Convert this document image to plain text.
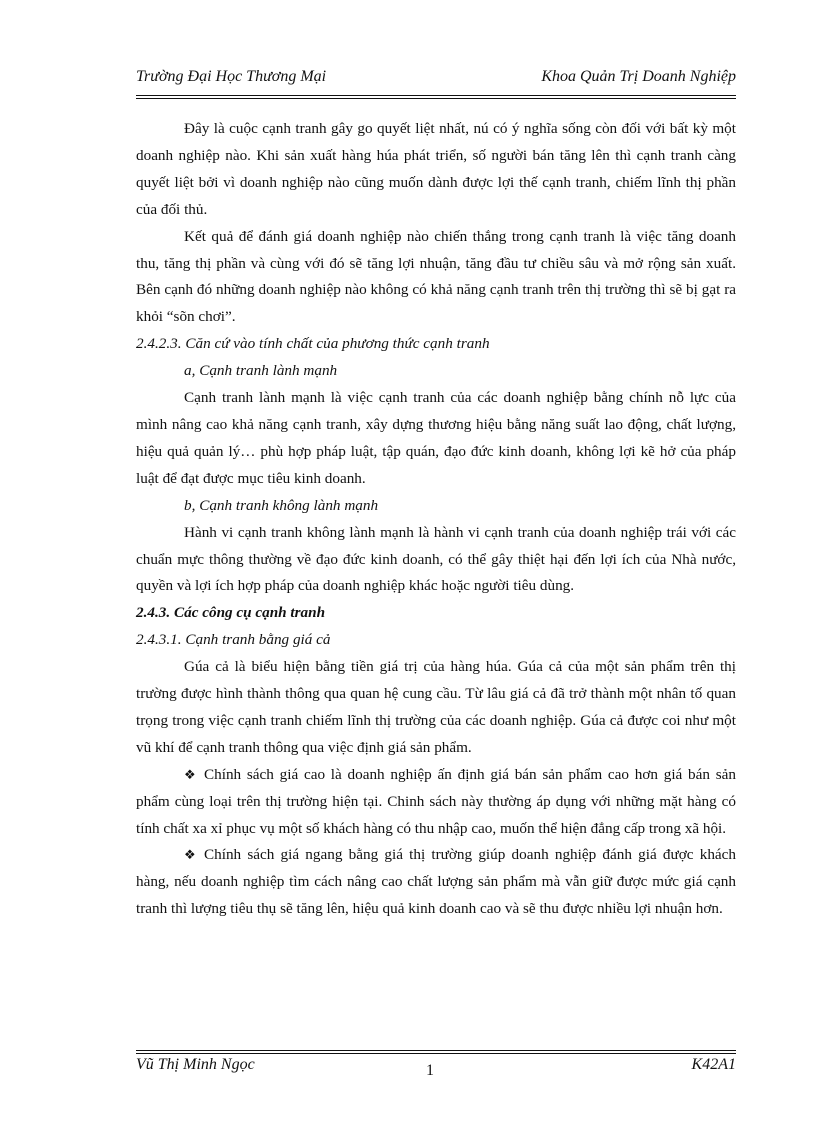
Trường Đại Học Thương Mại	Khoa Quản Trị Doanh Nghiệp

Đây là cuộc cạnh tranh gây go quyết liệt nhất, nú có ý nghĩa sống còn đối với bất kỳ một doanh nghiệp nào. Khi sản xuất hàng húa phát triển, số người bán tăng lên thì cạnh tranh càng quyết liệt bởi vì doanh nghiệp nào cũng muốn dành được lợi thế cạnh tranh, chiếm lĩnh thị phần của đối thủ.

Kết quả để đánh giá doanh nghiệp nào chiến thắng trong cạnh tranh là việc tăng doanh thu, tăng thị phần và cùng với đó sẽ tăng lợi nhuận, tăng đầu tư chiều sâu và mở rộng sản xuất. Bên cạnh đó những doanh nghiệp nào không có khả năng cạnh tranh trên thị trường thì sẽ bị gạt ra khỏi “sõn chơi”.

2.4.2.3. Căn cứ vào tính chất của phương thức cạnh tranh

a, Cạnh tranh lành mạnh

Cạnh tranh lành mạnh là việc cạnh tranh của các doanh nghiệp bằng chính nỗ lực của mình nâng cao khả năng cạnh tranh, xây dựng thương hiệu bằng năng suất lao động, chất lượng, hiệu quả quản lý… phù hợp pháp luật, tập quán, đạo đức kinh doanh, không lợi kẽ hở của pháp luật để đạt được mục tiêu kinh doanh.

b, Cạnh tranh không lành mạnh

Hành vi cạnh tranh không lành mạnh là hành vi cạnh tranh của doanh nghiệp trái với các chuẩn mực thông thường về đạo đức kinh doanh, có thể gây thiệt hại đến lợi ích của Nhà nước, quyền và lợi ích hợp pháp của doanh nghiệp khác hoặc người tiêu dùng.

2.4.3. Các công cụ cạnh tranh

2.4.3.1. Cạnh tranh bằng giá cả

Gúa cả là biểu hiện bằng tiền giá trị của hàng húa. Gúa cả của một sản phẩm trên thị trường được hình thành thông qua quan hệ cung cầu. Từ lâu giá cả đã trở thành một nhân tố quan trọng trong việc cạnh tranh chiếm lĩnh thị trường của các doanh nghiệp. Gúa cả được coi như một vũ khí để cạnh tranh thông qua việc định giá sản phẩm.

❖ Chính sách giá cao là doanh nghiệp ấn định giá bán sản phẩm cao hơn giá bán sản phẩm cùng loại trên thị trường hiện tại. Chinh sách này thường áp dụng với những mặt hàng có tính chất xa xỉ phục vụ một số khách hàng có thu nhập cao, muốn thể hiện đẳng cấp trong xã hội.

❖ Chính sách giá ngang bằng giá thị trường giúp doanh nghiệp đánh giá được khách hàng, nếu doanh nghiệp tìm cách nâng cao chất lượng sản phẩm mà vẫn giữ được mức giá cạnh tranh thì lượng tiêu thụ sẽ tăng lên, hiệu quả kinh doanh cao và sẽ thu được nhiều lợi nhuận hơn.

Vũ Thị Minh Ngọc	1	K42A1
